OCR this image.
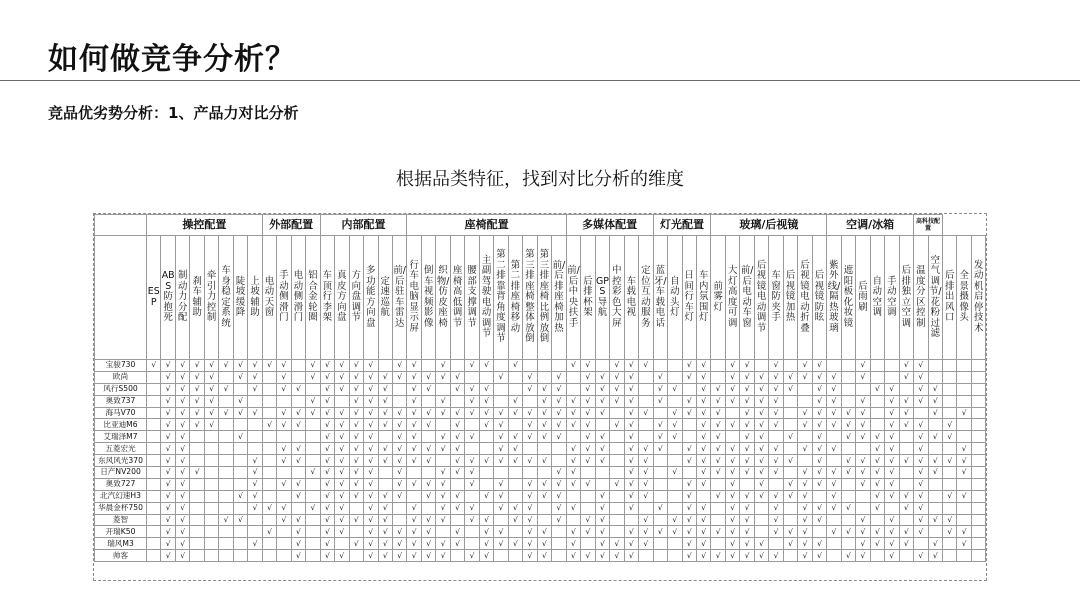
如何做竞争分析？
竞品优劣势分析：1、产品力对比分析
根据品类特征，找到对比分析的维度
	操控配置								外部配置				内部配置						座椅配置											多媒体配置						灯光配置				玻璃/后视镜								空调/冰箱						高科技配置				

	ESP	ABS防抱死	制动力分配	刹车辅助	牵引力控制	车身稳定系统	陡坡缓降	上坡辅助	电动天窗	手动侧滑门	电动侧滑门	铝合金轮圈	车顶行李架	真皮方向盘	方向盘调节	多功能方向盘	定速巡航	前/后驻车雷达	行车电脑显示屏	倒车视频影像	织物/仿皮座椅	座椅高低调节	腰部支撑调节	主副驾驶电动调节	第二排靠背角度调节	第二排座椅移动	第三排座椅整体放倒	第三排座椅比例放倒	前/后排座椅加热	前/后中央扶手	后排杯架	GPS导航	中控彩色大屏	车载电视	定位互动服务	蓝牙/车载电话	自动头灯	日间行车灯	车内氛围灯	前雾灯	大灯高度可调	前/后电动车窗	后视镜电动调节	车窗防夹手	后视镜加热	后视镜电动折叠	后视镜防眩	紫外线/隔热玻璃	遮阳板化妆镜	后雨刷	自动空调	手动空调	后排独立空调	温度分区控制	空气调节/花粉过滤	后排出风口	全景摄像头	发动机启停技术

宝骏730	√	√	√	√	√	√	√	√	√	√		√	√	√	√	√		√	√		√		√	√		√				√	√		√	√	√			√	√		√	√		√		√	√			√			√	√				
欧尚		√	√	√	√		√	√		√		√	√	√	√	√	√	√	√	√	√	√			√		√		√		√	√	√	√		√		√	√		√	√	√	√	√	√	√	√		√			√	√				
风行S500		√	√	√	√	√		√		√	√		√	√	√	√	√		√	√		√	√	√			√	√	√		√	√	√	√		√	√		√	√	√	√	√	√	√		√	√			√	√		√	√			
奥致737		√	√	√	√		√					√	√		√	√	√		√		√		√	√		√		√	√	√	√	√	√	√		√		√	√	√	√	√	√	√			√	√		√		√	√	√	√			
海马V70		√	√	√	√	√	√	√		√	√	√	√	√	√	√	√	√	√	√	√	√	√	√	√	√	√	√	√	√	√	√		√	√		√	√	√	√		√	√	√		√	√	√	√	√		√	√		√		√	
比亚迪M6		√	√	√	√				√	√	√		√	√	√	√	√	√	√	√		√		√	√		√	√	√	√	√		√	√		√	√		√	√	√	√	√	√		√	√	√	√	√		√	√	√		√		
艾瑞泽M7		√	√				√						√	√	√	√		√	√		√	√	√		√	√	√	√	√		√	√		√		√	√		√	√		√	√		√		√		√	√	√	√		√	√	√		
五菱宏光		√	√							√	√		√	√	√	√	√	√	√	√	√	√			√	√				√	√	√		√	√	√		√	√	√	√	√	√	√		√	√	√			√	√		√			√	
东风风光370		√	√					√		√	√		√	√	√	√	√	√	√	√		√	√	√	√	√	√	√		√	√	√		√	√			√	√	√	√	√	√	√	√		√		√	√	√	√	√	√	√	√	√	
日产NV200		√	√	√				√				√	√	√	√	√		√			√	√	√						√	√				√	√		√		√	√	√	√	√	√		√	√	√	√	√	√	√		√	√		√	
奥致727		√	√					√		√	√		√	√	√	√		√	√	√	√		√		√		√	√	√	√	√		√	√	√			√	√		√		√		√	√	√	√		√	√	√		√				
北汽幻速H3		√	√				√	√			√		√	√	√	√	√	√		√	√	√		√	√		√	√	√			√		√	√			√		√	√	√	√	√	√	√		√			√	√	√	√		√	√	
华晨金杯750		√	√					√	√	√		√	√	√		√	√		√		√	√	√		√	√	√		√	√		√		√		√		√	√		√	√		√		√	√	√	√		√		√	√				
菱智		√	√			√	√			√	√		√	√	√	√	√		√	√	√		√	√		√	√		√		√	√			√		√	√	√		√	√		√		√	√			√		√		√	√	√		
开瑞K50		√	√						√		√		√	√		√	√	√	√	√		√		√	√		√	√		√	√	√		√	√	√	√	√	√	√	√	√		√	√	√		√	√	√	√	√	√	√		√	√	
瑞风M3		√	√					√			√		√		√	√	√	√	√	√	√	√		√	√	√	√	√		√		√	√	√	√			√	√		√	√	√		√	√	√			√	√	√	√		√		√	
帅客		√	√								√		√	√		√	√	√	√	√	√		√	√			√	√		√	√	√	√	√				√	√	√	√	√	√	√		√	√		√	√		√		√	√			
